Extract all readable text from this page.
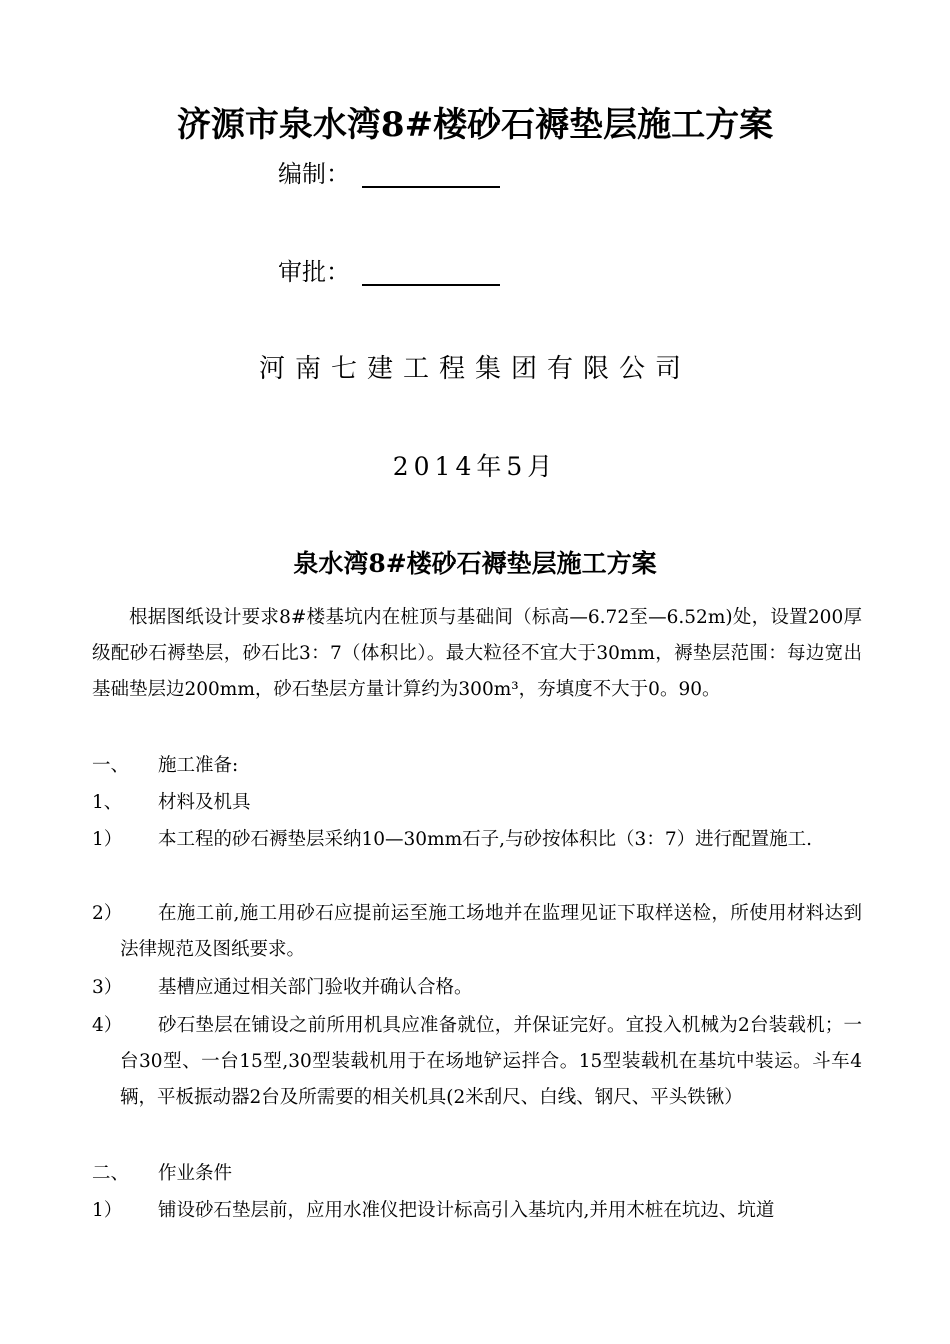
济源市泉水湾8#楼砂石褥垫层施工方案
编制：
审批：
河南七建工程集团有限公司
2014年5月
泉水湾8#楼砂石褥垫层施工方案
根据图纸设计要求8#楼基坑内在桩顶与基础间（标高—6.72至—6.52m)处，设置200厚级配砂石褥垫层，砂石比3：7（体积比）。最大粒径不宜大于30mm，褥垫层范围：每边宽出基础垫层边200mm，砂石垫层方量计算约为300m³，夯填度不大于0。90。
一、	施工准备:
1、	材料及机具
1）	本工程的砂石褥垫层采纳10—30mm石子,与砂按体积比（3：7）进行配置施工.
2）	在施工前,施工用砂石应提前运至施工场地并在监理见证下取样送检，所使用材料达到法律规范及图纸要求。
3）	基槽应通过相关部门验收并确认合格。
4）	砂石垫层在铺设之前所用机具应准备就位，并保证完好。宜投入机械为2台装载机；一台30型、一台15型,30型装载机用于在场地铲运拌合。15型装载机在基坑中装运。斗车4辆，平板振动器2台及所需要的相关机具(2米刮尺、白线、钢尺、平头铁锹）
二、	作业条件
1）	铺设砂石垫层前，应用水准仪把设计标高引入基坑内,并用木桩在坑边、坑道
